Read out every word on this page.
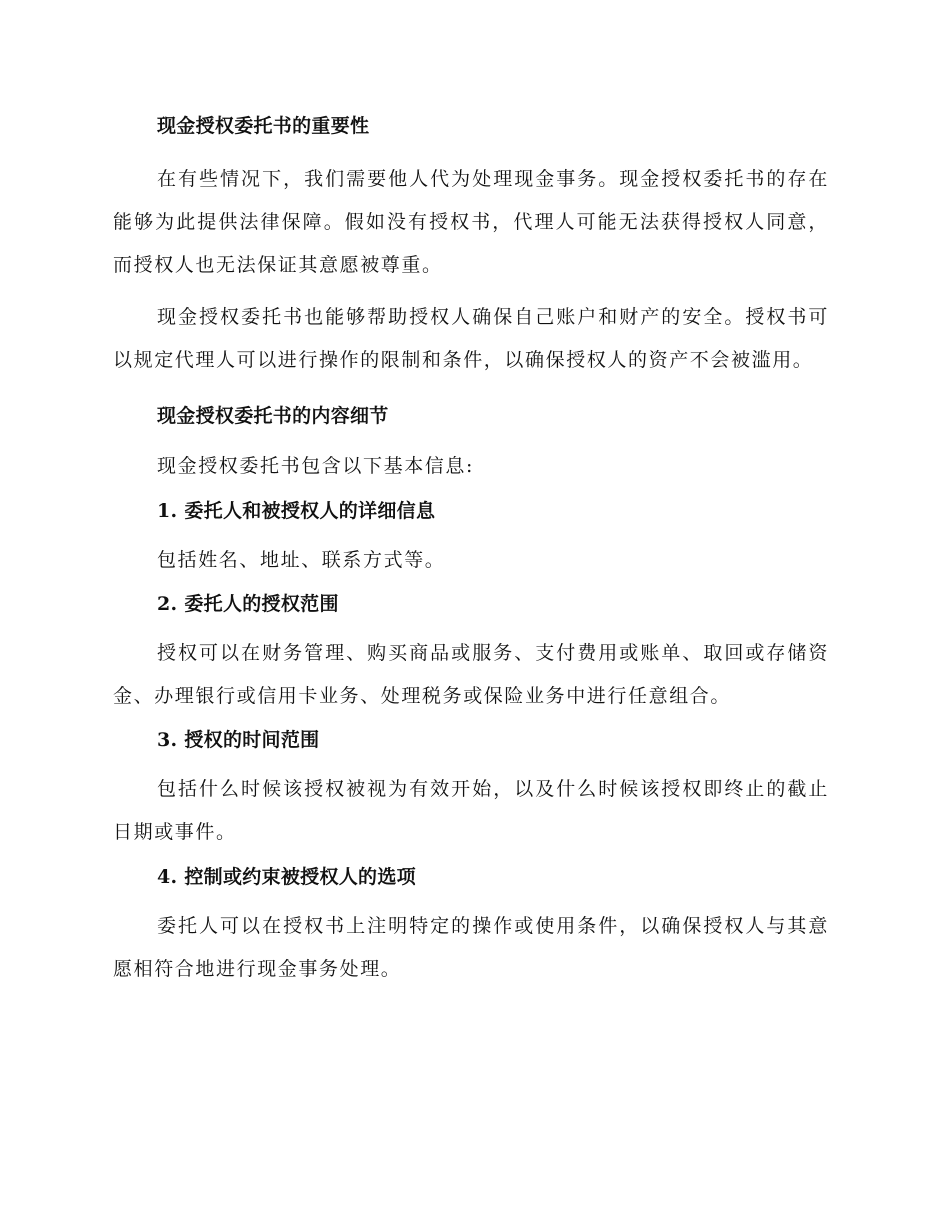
现金授权委托书的重要性

在有些情况下，我们需要他人代为处理现金事务。现金授权委托书的存在能够为此提供法律保障。假如没有授权书，代理人可能无法获得授权人同意，而授权人也无法保证其意愿被尊重。

现金授权委托书也能够帮助授权人确保自己账户和财产的安全。授权书可以规定代理人可以进行操作的限制和条件，以确保授权人的资产不会被滥用。

现金授权委托书的内容细节

现金授权委托书包含以下基本信息:

1. 委托人和被授权人的详细信息

包括姓名、地址、联系方式等。

2. 委托人的授权范围

授权可以在财务管理、购买商品或服务、支付费用或账单、取回或存储资金、办理银行或信用卡业务、处理税务或保险业务中进行任意组合。

3. 授权的时间范围

包括什么时候该授权被视为有效开始，以及什么时候该授权即终止的截止日期或事件。

4. 控制或约束被授权人的选项

委托人可以在授权书上注明特定的操作或使用条件，以确保授权人与其意愿相符合地进行现金事务处理。
